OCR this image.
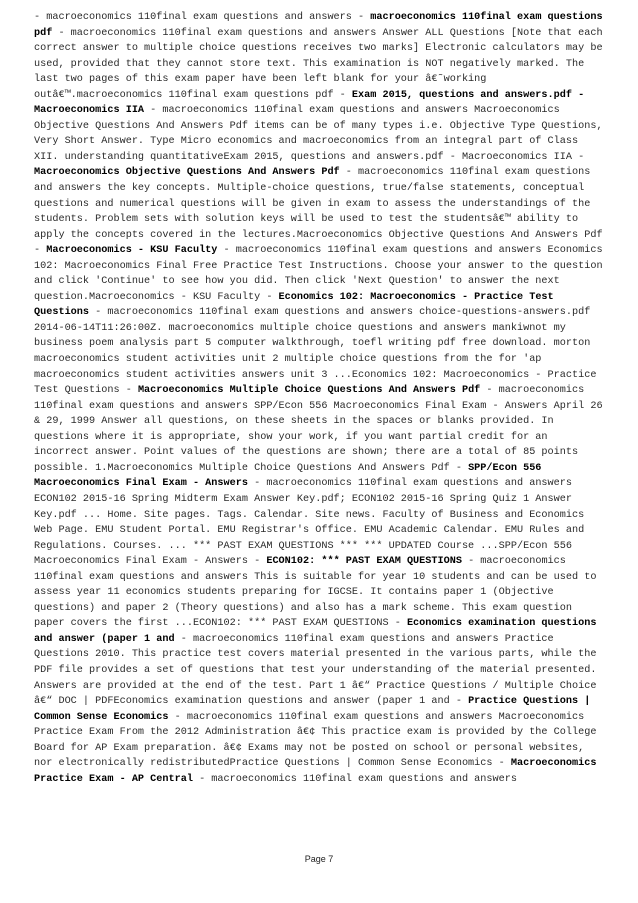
- macroeconomics 110final exam questions and answers - macroeconomics 110final exam questions pdf - macroeconomics 110final exam questions and answers Answer ALL Questions [Note that each correct answer to multiple choice questions receives two marks] Electronic calculators may be used, provided that they cannot store text. This examination is NOT negatively marked. The last two pages of this exam paper have been left blank for your â€˜working outâ€™.macroeconomics 110final exam questions pdf - Exam 2015, questions and answers.pdf - Macroeconomics IIA - macroeconomics 110final exam questions and answers Macroeconomics Objective Questions And Answers Pdf items can be of many types i.e. Objective Type Questions, Very Short Answer. Type Micro economics and macroeconomics from an integral part of Class XII. understanding quantitativeExam 2015, questions and answers.pdf - Macroeconomics IIA - Macroeconomics Objective Questions And Answers Pdf - macroeconomics 110final exam questions and answers the key concepts. Multiple-choice questions, true/false statements, conceptual questions and numerical questions will be given in exam to assess the understandings of the students. Problem sets with solution keys will be used to test the studentsâ€™ ability to apply the concepts covered in the lectures.Macroeconomics Objective Questions And Answers Pdf - Macroeconomics - KSU Faculty - macroeconomics 110final exam questions and answers Economics 102: Macroeconomics Final Free Practice Test Instructions. Choose your answer to the question and click 'Continue' to see how you did. Then click 'Next Question' to answer the next question.Macroeconomics - KSU Faculty - Economics 102: Macroeconomics - Practice Test Questions - macroeconomics 110final exam questions and answers choice-questions-answers.pdf 2014-06-14T11:26:00Z. macroeconomics multiple choice questions and answers mankiwnot my business poem analysis part 5 computer walkthrough, toefl writing pdf free download. morton macroeconomics student activities unit 2 multiple choice questions from the for 'ap macroeconomics student activities answers unit 3 ...Economics 102: Macroeconomics - Practice Test Questions - Macroeconomics Multiple Choice Questions And Answers Pdf - macroeconomics 110final exam questions and answers SPP/Econ 556 Macroeconomics Final Exam - Answers April 26 & 29, 1999 Answer all questions, on these sheets in the spaces or blanks provided. In questions where it is appropriate, show your work, if you want partial credit for an incorrect answer. Point values of the questions are shown; there are a total of 85 points possible. 1.Macroeconomics Multiple Choice Questions And Answers Pdf - SPP/Econ 556 Macroeconomics Final Exam - Answers - macroeconomics 110final exam questions and answers ECON102 2015-16 Spring Midterm Exam Answer Key.pdf; ECON102 2015-16 Spring Quiz 1 Answer Key.pdf ... Home. Site pages. Tags. Calendar. Site news. Faculty of Business and Economics Web Page. EMU Student Portal. EMU Registrar's Office. EMU Academic Calendar. EMU Rules and Regulations. Courses. ... *** PAST EXAM QUESTIONS *** *** UPDATED Course ...SPP/Econ 556 Macroeconomics Final Exam - Answers - ECON102: *** PAST EXAM QUESTIONS - macroeconomics 110final exam questions and answers This is suitable for year 10 students and can be used to assess year 11 economics students preparing for IGCSE. It contains paper 1 (Objective questions) and paper 2 (Theory questions) and also has a mark scheme. This exam question paper covers the first ...ECON102: *** PAST EXAM QUESTIONS - Economics examination questions and answer (paper 1 and - macroeconomics 110final exam questions and answers Practice Questions 2010. This practice test covers material presented in the various parts, while the PDF file provides a set of questions that test your understanding of the material presented. Answers are provided at the end of the test. Part 1 â€“ Practice Questions / Multiple Choice â€“ DOC | PDFEconomics examination questions and answer (paper 1 and - Practice Questions | Common Sense Economics - macroeconomics 110final exam questions and answers Macroeconomics Practice Exam From the 2012 Administration â€¢ This practice exam is provided by the College Board for AP Exam preparation. â€¢ Exams may not be posted on school or personal websites, nor electronically redistributedPractice Questions | Common Sense Economics - Macroeconomics Practice Exam - AP Central - macroeconomics 110final exam questions and answers
Page 7
